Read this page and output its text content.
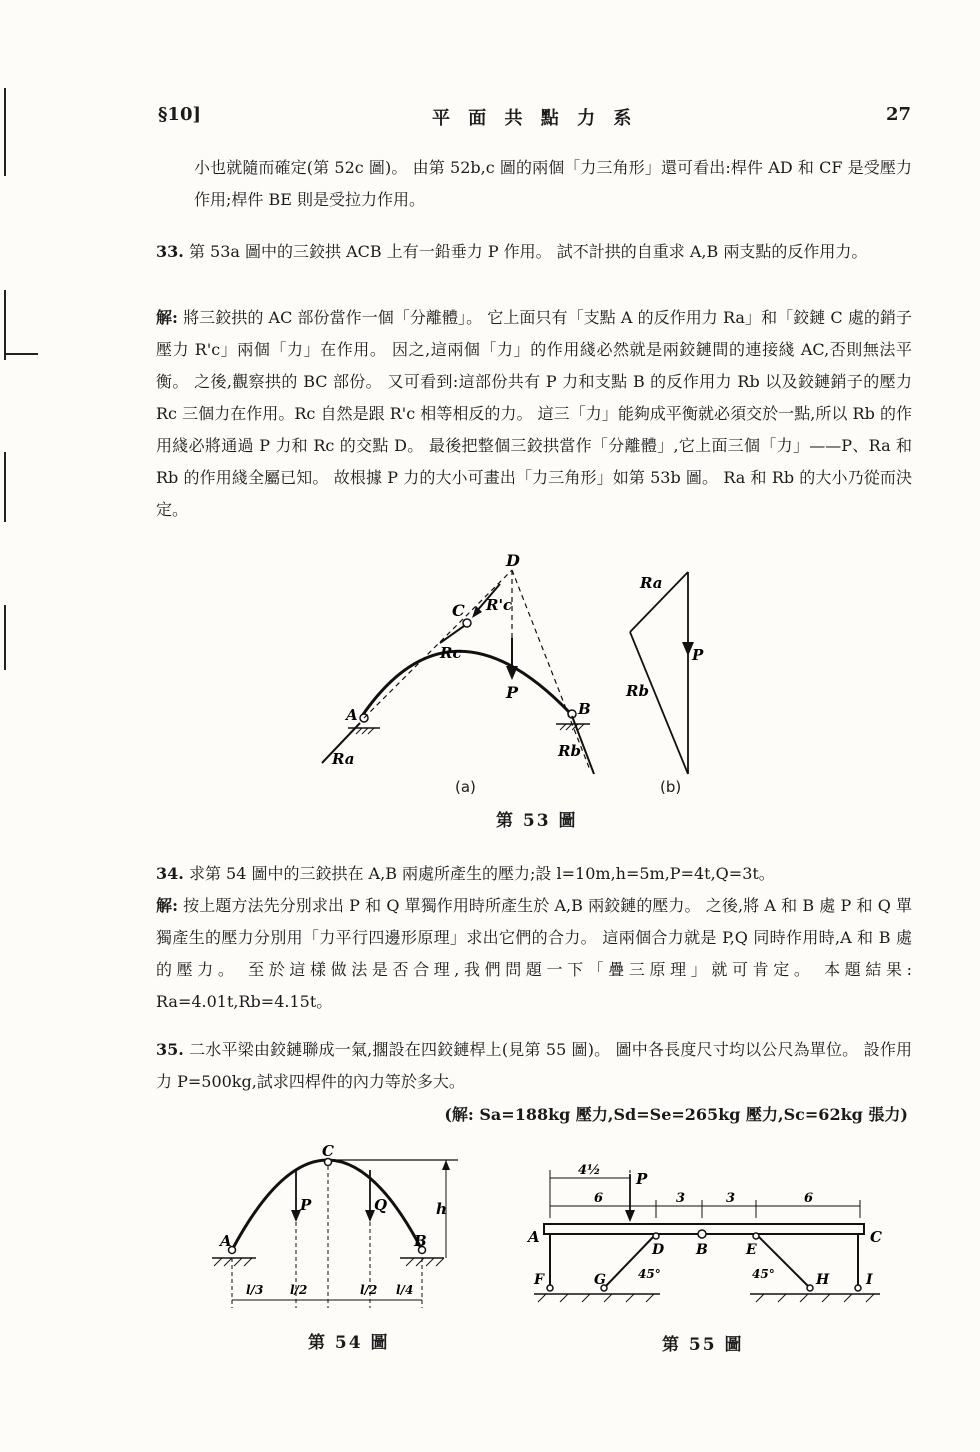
§10]	平 面 共 點 力 系	27
小也就隨而確定(第 52c 圖)。 由第 52b,c 圖的兩個「力三角形」還可看出:桿件 AD 和 CF 是受壓力作用;桿件 BE 則是受拉力作用。
33. 第 53a 圖中的三鉸拱 ACB 上有一鉛垂力 P 作用。 試不計拱的自重求 A,B 兩支點的反作用力。
解: 將三鉸拱的 AC 部份當作一個「分離體」。 它上面只有「支點 A 的反作用力 Ra」和「鉸鏈 C 處的銷子壓力 R'c」兩個「力」在作用。 因之,這兩個「力」的作用綫必然就是兩鉸鏈間的連接綫 AC,否則無法平衡。 之後,觀察拱的 BC 部份。 又可看到:這部份共有 P 力和支點 B 的反作用力 Rb 以及鉸鏈銷子的壓力 Rc 三個力在作用。Rc 自然是跟 R'c 相等相反的力。 這三「力」能夠成平衡就必須交於一點,所以 Rb 的作用綫必將通過 P 力和 Rc 的交點 D。 最後把整個三鉸拱當作「分離體」,它上面三個「力」——P、Ra 和 Rb 的作用綫全屬已知。 故根據 P 力的大小可畫出「力三角形」如第 53b 圖。 Ra 和 Rb 的大小乃從而決定。
D
C R'c
Rc
P
A	B
Ra	Rb
Ra
P
Rb
(a)	(b)
第 53 圖
34. 求第 54 圖中的三鉸拱在 A,B 兩處所產生的壓力;設 l=10m,h=5m,P=4t,Q=3t。
解: 按上題方法先分別求出 P 和 Q 單獨作用時所產生於 A,B 兩鉸鏈的壓力。 之後,將 A 和 B 處 P 和 Q 單獨產生的壓力分別用「力平行四邊形原理」求出它們的合力。 這兩個合力就是 P,Q 同時作用時,A 和 B 處的壓力。 至於這樣做法是否合理,我們問題一下「疊三原理」就可肯定。 本題結果: Ra=4.01t,Rb=4.15t。
35. 二水平梁由鉸鏈聯成一氣,擱設在四鉸鏈桿上(見第 55 圖)。 圖中各長度尺寸均以公尺為單位。 設作用力 P=500kg,試求四桿件的內力等於多大。
(解: Sa=188kg 壓力,Sd=Se=265kg 壓力,Sc=62kg 張力)
A	B
C
P	Q	h
l/3 l/2	l/2 l/4
第 54 圖
P
4½
6	3	3	6
A	C
D B	E
F	G	H	I
45°	45°
第 55 圖
